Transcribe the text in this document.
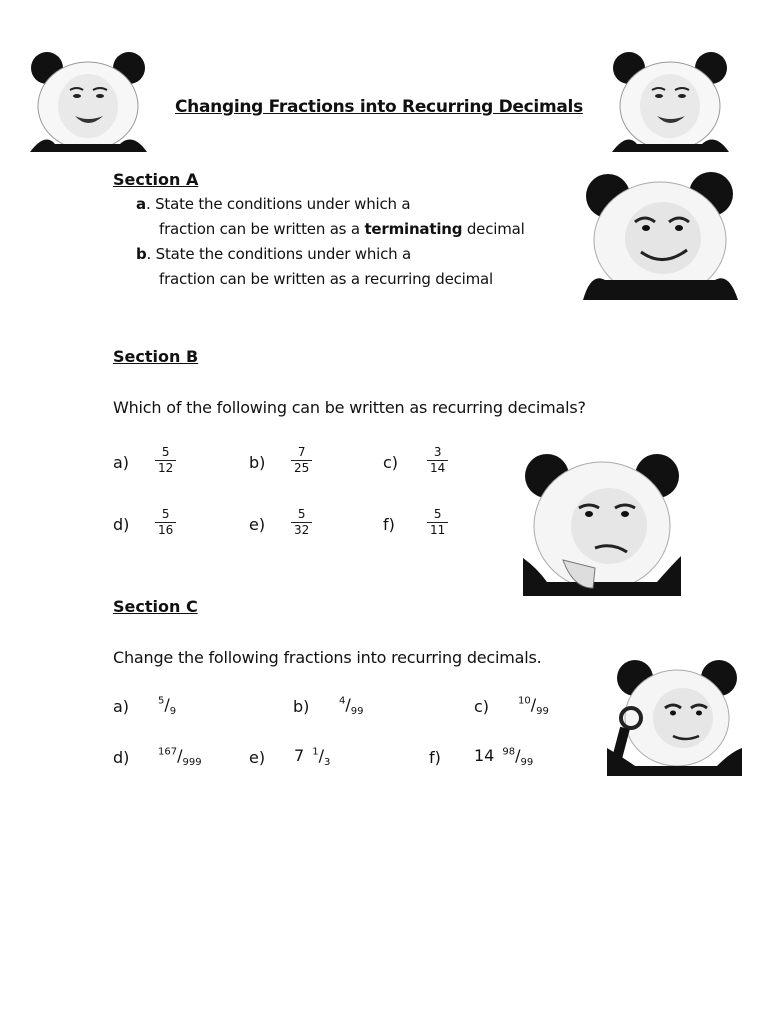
Changing Fractions into Recurring Decimals
Section A
a. State the conditions under which a
fraction can be written as a terminating decimal
b. State the conditions under which a
fraction can be written as a recurring decimal
Section B
Which of the following can be written as recurring decimals?
$a) \frac{5}{12}$	$b) \frac{7}{25}$	$c) \frac{3}{14}$
$d) \frac{5}{16}$	$e) \frac{5}{32}$	f)	$\frac{5}{11}$
Section C
Change the following fractions into recurring decimals.
a)	$^5/_9$	b)	$^4/_{99}$	c)	$^{10}/_{99}$
d)	$^{167}/_{999}$	e) 7 $^1/_3$	f) 14 $^{98}/_{99}$
